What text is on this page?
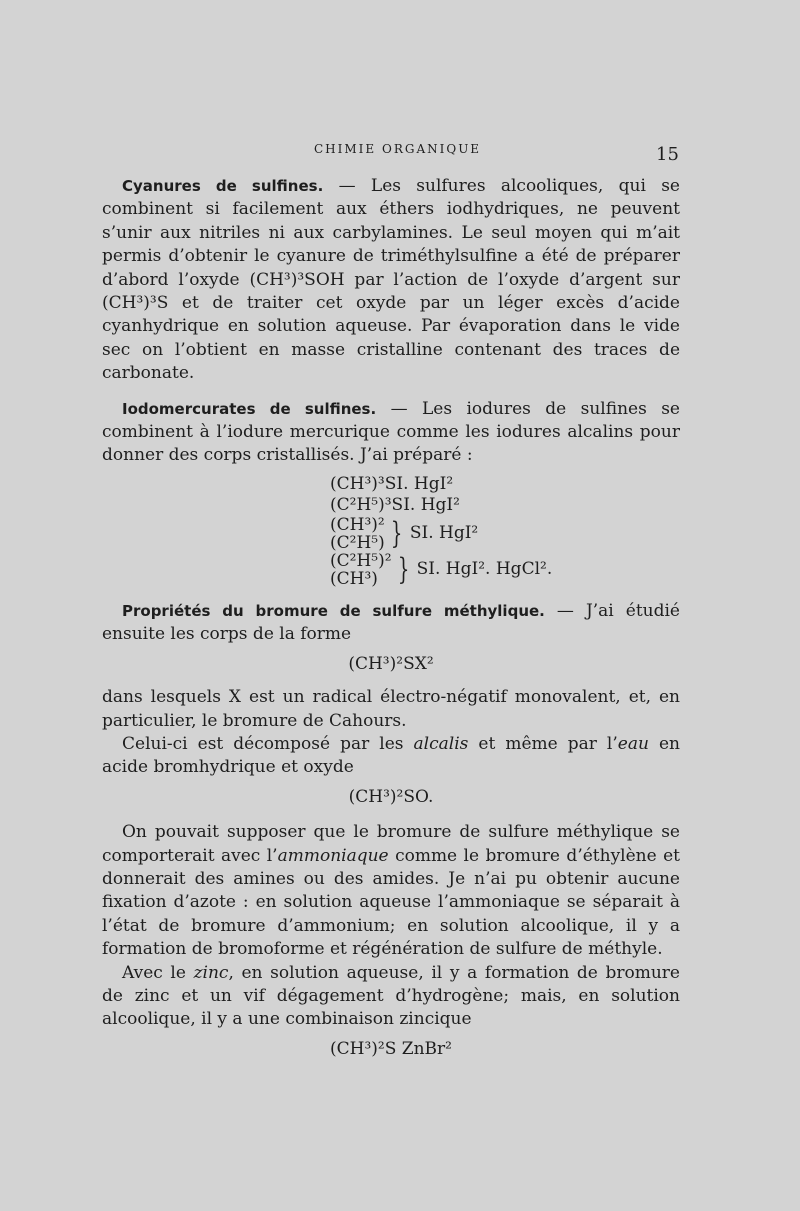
CHIMIE ORGANIQUE	15

Cyanures de sulfines. — Les sulfures alcooliques, qui se combinent si facilement aux éthers iodhydriques, ne peuvent s’unir aux nitriles ni aux carbylamines. Le seul moyen qui m’ait permis d’obtenir le cyanure de triméthylsulfine a été de préparer d’abord l’oxyde (CH³)³SOH par l’action de l’oxyde d’argent sur (CH³)³S et de traiter cet oxyde par un léger excès d’acide cyanhydrique en solution aqueuse. Par évaporation dans le vide sec on l’obtient en masse cristalline contenant des traces de carbonate.

Iodomercurates de sulfines. — Les iodures de sulfines se combinent à l’iodure mercurique comme les iodures alcalins pour donner des corps cristallisés. J’ai préparé :

(CH³)³SI. HgI²
(C²H⁵)³SI. HgI²
(CH³)²
(C²H⁵) } SI. HgI²
(C²H⁵)²
(CH³) } SI. HgI². HgCl².

Propriétés du bromure de sulfure méthylique. — J’ai étudié ensuite les corps de la forme

(CH³)²SX²

dans lesquels X est un radical électro-négatif monovalent, et, en particulier, le bromure de Cahours.

Celui-ci est décomposé par les alcalis et même par l’eau en acide bromhydrique et oxyde

(CH³)²SO.

On pouvait supposer que le bromure de sulfure méthylique se comporterait avec l’ammoniaque comme le bromure d’éthylène et donnerait des amines ou des amides. Je n’ai pu obtenir aucune fixation d’azote : en solution aqueuse l’ammoniaque se séparait à l’état de bromure d’ammonium; en solution alcoolique, il y a formation de bromoforme et régénération de sulfure de méthyle.

Avec le zinc, en solution aqueuse, il y a formation de bromure de zinc et un vif dégagement d’hydrogène; mais, en solution alcoolique, il y a une combinaison zincique

(CH³)²S ZnBr²
